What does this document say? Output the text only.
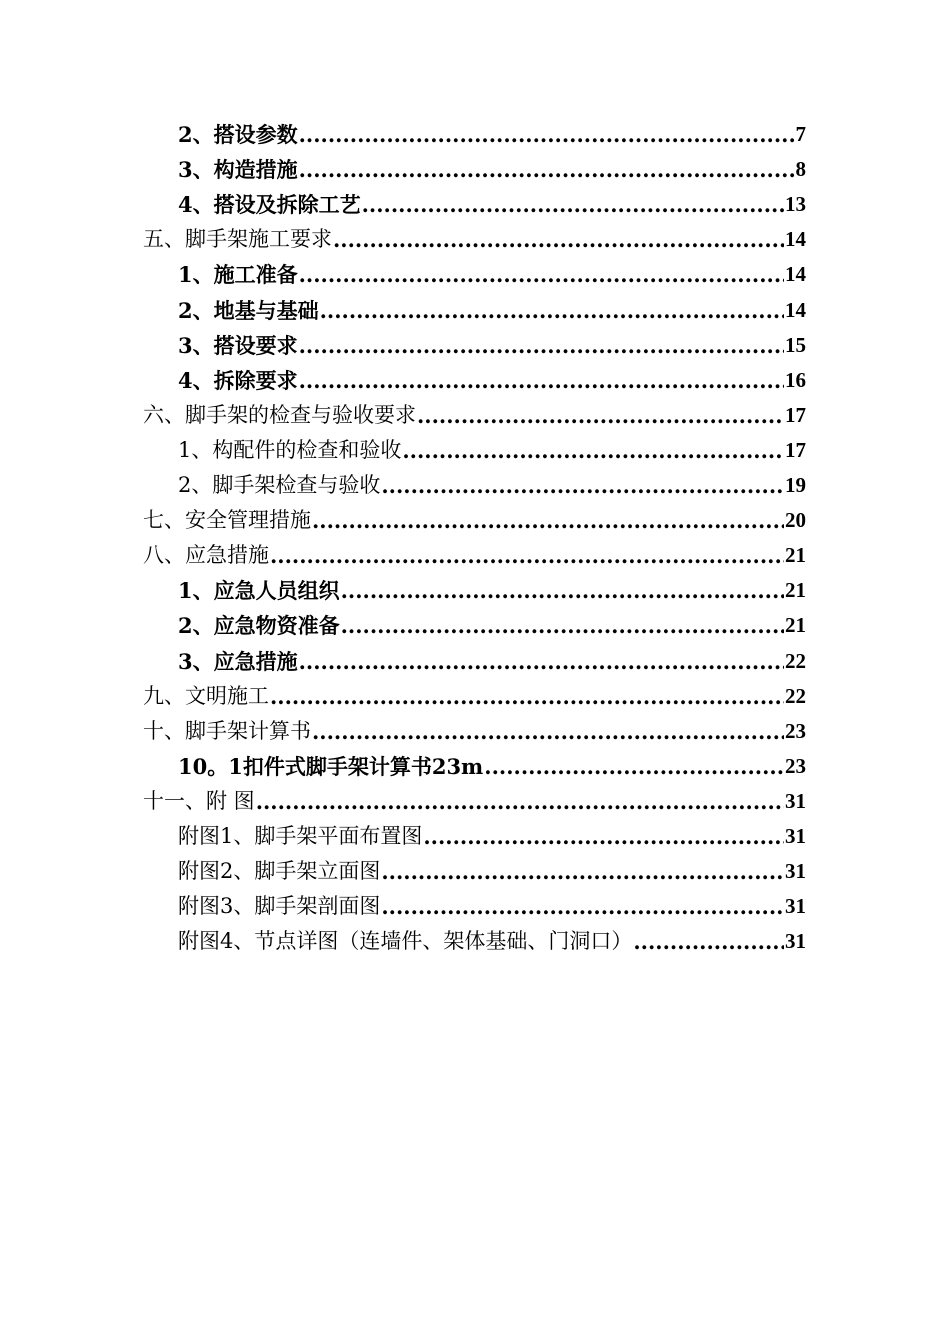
2、搭设参数 .....	7
3、构造措施 .....	8
4、搭设及拆除工艺 .....	13
五、脚手架施工要求 .....	14
1、施工准备 .....	14
2、地基与基础 .....	14
3、搭设要求 .....	15
4、拆除要求 .....	16
六、脚手架的检查与验收要求 .....	17
1、构配件的检查和验收 .....	17
2、脚手架检查与验收 .....	19
七、安全管理措施 .....	20
八、应急措施 .....	21
1、应急人员组织 .....	21
2、应急物资准备 .....	21
3、应急措施 .....	22
九、文明施工 .....	22
十、脚手架计算书 .....	23
10。1扣件式脚手架计算书23m .....	23
十一、附 图 .....	31
附图1、脚手架平面布置图 .....	31
附图2、脚手架立面图 .....	31
附图3、脚手架剖面图 .....	31
附图4、节点详图（连墙件、架体基础、门洞口） .....	31
